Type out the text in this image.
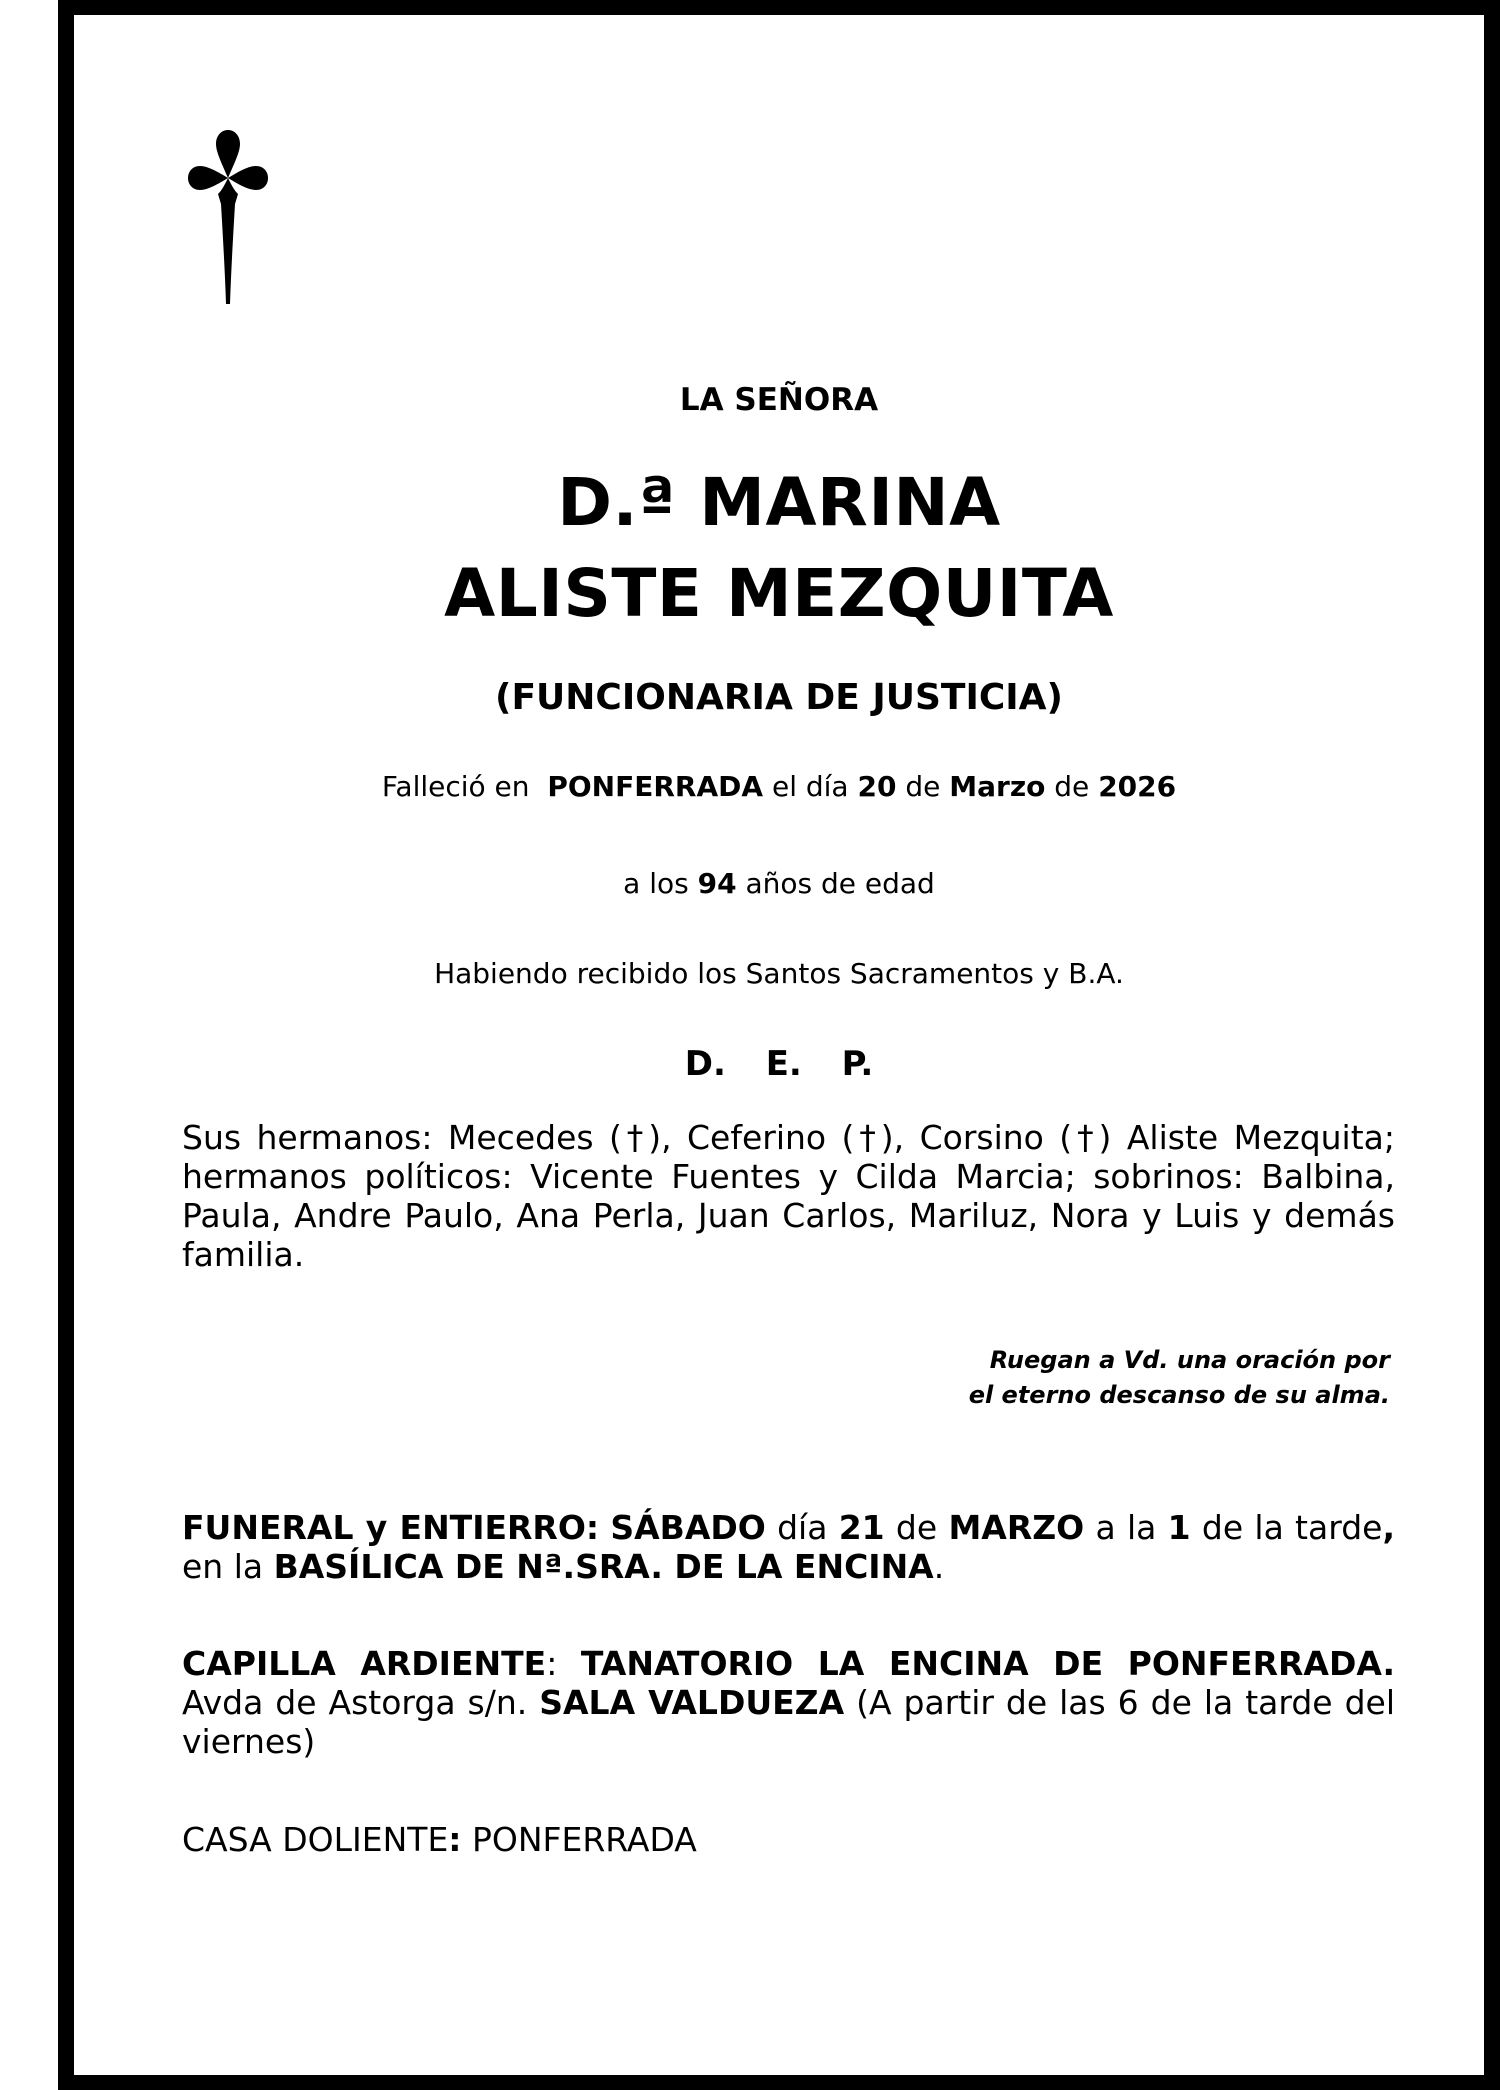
LA SEÑORA
D.ª MARINA
ALISTE MEZQUITA
(FUNCIONARIA DE JUSTICIA)
Falleció en  PONFERRADA el día 20 de Marzo de 2026
a los 94 años de edad
Habiendo recibido los Santos Sacramentos y B.A.
D. E. P.
Sus hermanos: Mecedes (†), Ceferino (†), Corsino (†) Aliste Mezquita; hermanos políticos: Vicente Fuentes y Cilda Marcia; sobrinos: Balbina, Paula, Andre Paulo, Ana Perla, Juan Carlos, Mariluz, Nora y Luis y demás familia.
Ruegan a Vd. una oración por
el eterno descanso de su alma.
FUNERAL y ENTIERRO: SÁBADO día 21 de MARZO a la 1 de la tarde, en la BASÍLICA DE Nª.SRA. DE LA ENCINA.
CAPILLA ARDIENTE: TANATORIO LA ENCINA DE PONFERRADA. Avda de Astorga s/n. SALA VALDUEZA (A partir de las 6 de la tarde del viernes)
CASA DOLIENTE: PONFERRADA
